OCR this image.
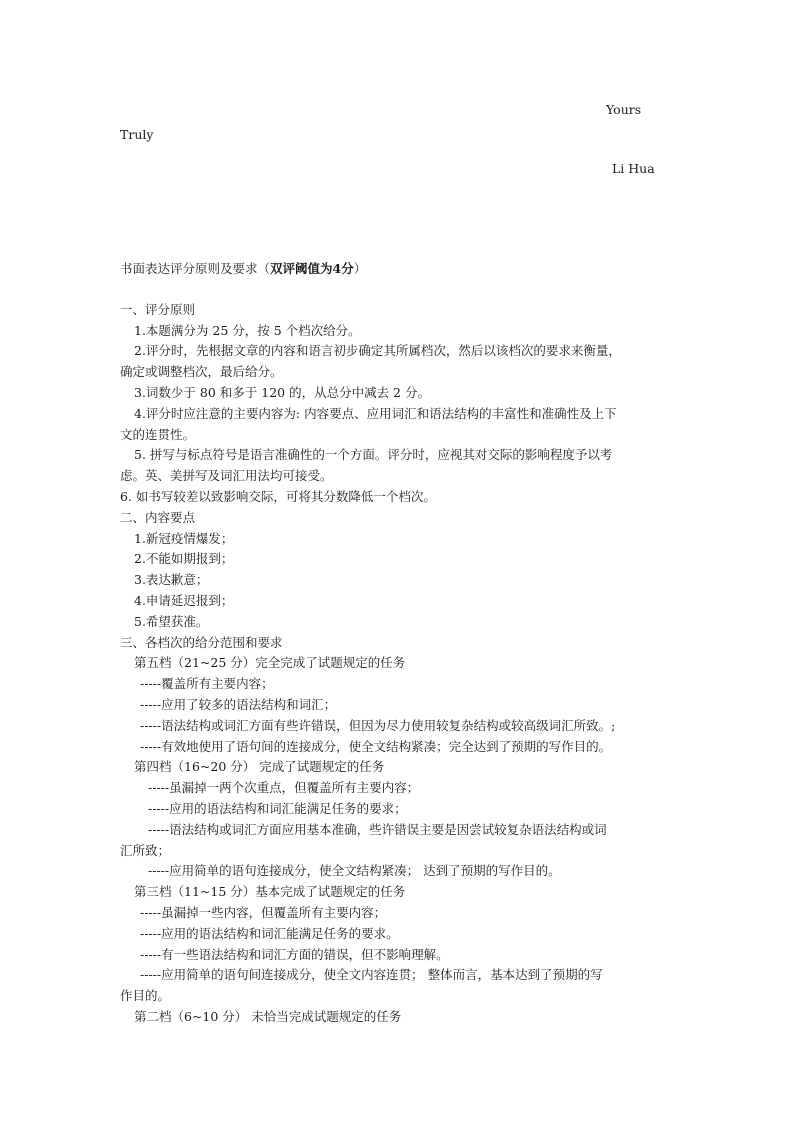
Yours
Truly
Li Hua
书面表达评分原则及要求（双评阈值为4分）
一、评分原则
1.本题满分为 25 分，按 5 个档次给分。
2.评分时，先根据文章的内容和语言初步确定其所属档次，然后以该档次的要求来衡量，
确定或调整档次，最后给分。
3.词数少于 80 和多于 120 的，从总分中减去 2 分。
4.评分时应注意的主要内容为: 内容要点、应用词汇和语法结构的丰富性和准确性及上下
文的连贯性。
5. 拼写与标点符号是语言准确性的一个方面。评分时，应视其对交际的影响程度予以考
虑。英、美拼写及词汇用法均可接受。
6. 如书写较差以致影响交际，可将其分数降低一个档次。
二、内容要点
1.新冠疫情爆发；
2.不能如期报到；
3.表达歉意；
4.申请延迟报到；
5.希望获准。
三、各档次的给分范围和要求
第五档（21~25 分）完全完成了试题规定的任务
-----覆盖所有主要内容；
-----应用了较多的语法结构和词汇；
-----语法结构或词汇方面有些许错误，但因为尽力使用较复杂结构或较高级词汇所致。;
-----有效地使用了语句间的连接成分，使全文结构紧凑；完全达到了预期的写作目的。
第四档（16~20 分） 完成了试题规定的任务
-----虽漏掉一两个次重点，但覆盖所有主要内容；
-----应用的语法结构和词汇能满足任务的要求；
-----语法结构或词汇方面应用基本准确，些许错误主要是因尝试较复杂语法结构或词
汇所致；
-----应用简单的语句连接成分，使全文结构紧凑； 达到了预期的写作目的。
第三档（11~15 分）基本完成了试题规定的任务
-----虽漏掉一些内容，但覆盖所有主要内容；
-----应用的语法结构和词汇能满足任务的要求。
-----有一些语法结构和词汇方面的错误，但不影响理解。
-----应用简单的语句间连接成分，使全文内容连贯； 整体而言，基本达到了预期的写
作目的。
第二档（6~10 分） 未恰当完成试题规定的任务
